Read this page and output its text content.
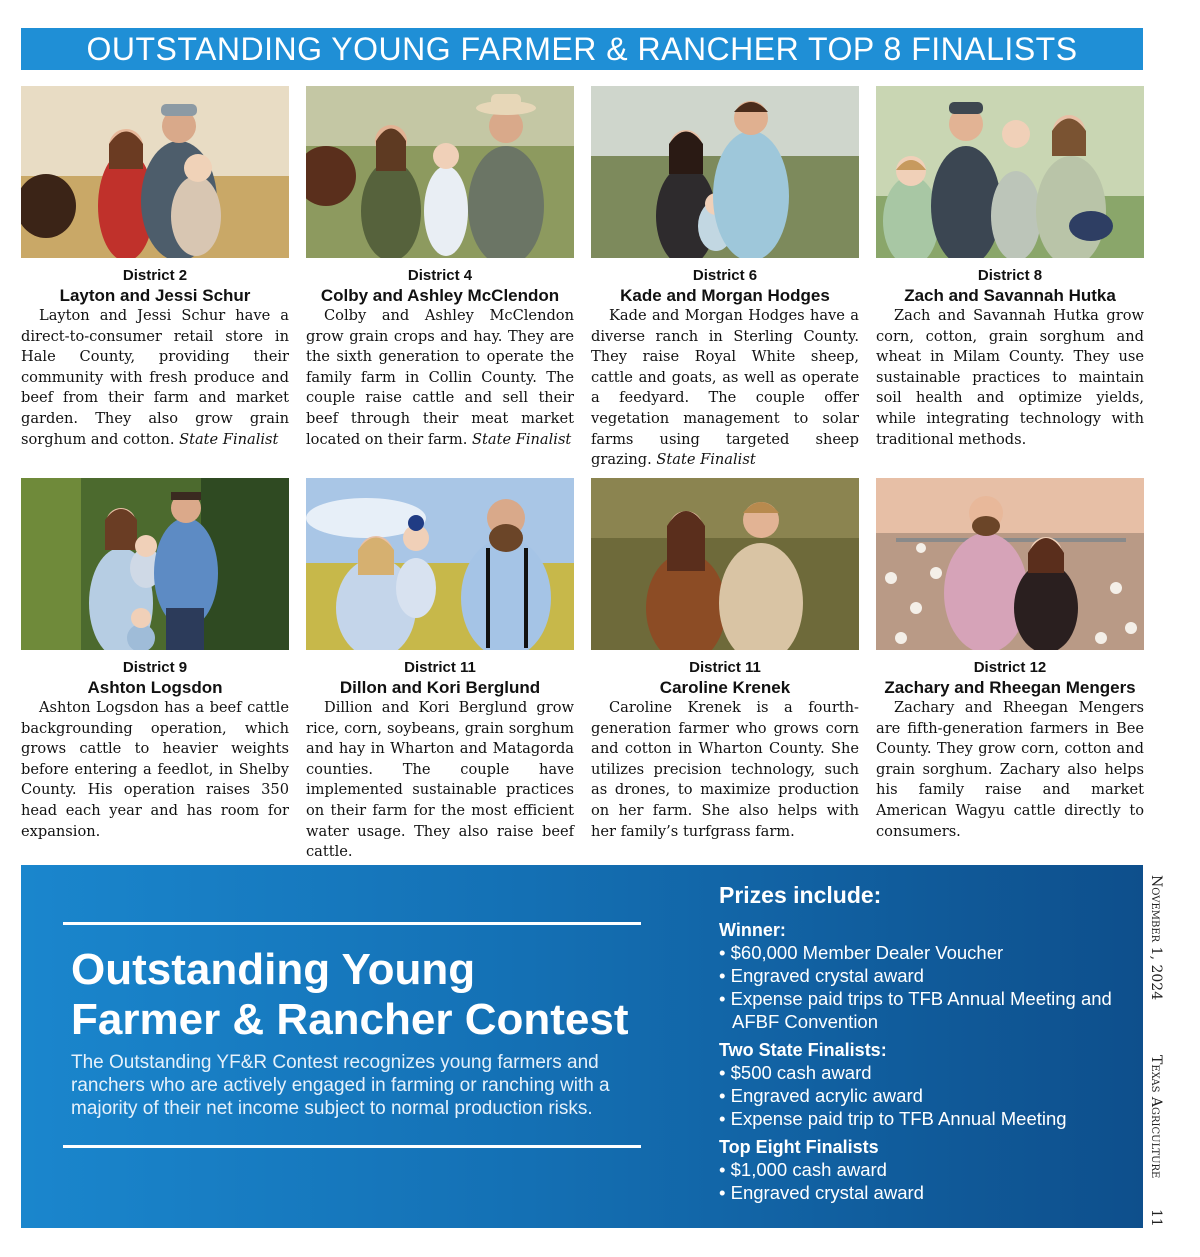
OUTSTANDING YOUNG FARMER & RANCHER TOP 8 FINALISTS
District 2
Layton and Jessi Schur
Layton and Jessi Schur have a direct-to-consumer retail store in Hale County, providing their community with fresh produce and beef from their farm and market garden. They also grow grain sorghum and cotton. State Finalist
District 4
Colby and Ashley McClendon
Colby and Ashley McClendon grow grain crops and hay. They are the sixth generation to operate the family farm in Collin County. The couple raise cattle and sell their beef through their meat market located on their farm. State Finalist
District 6
Kade and Morgan Hodges
Kade and Morgan Hodges have a diverse ranch in Sterling County. They raise Royal White sheep, cattle and goats, as well as operate a feedyard. The couple offer vegetation management to solar farms using targeted sheep grazing. State Finalist
District 8
Zach and Savannah Hutka
Zach and Savannah Hutka grow corn, cotton, grain sorghum and wheat in Milam County. They use sustainable practices to maintain soil health and optimize yields, while integrating technology with traditional methods.
District 9
Ashton Logsdon
Ashton Logsdon has a beef cattle backgrounding operation, which grows cattle to heavier weights before entering a feedlot, in Shelby County. His operation raises 350 head each year and has room for expansion.
District 11
Dillon and Kori Berglund
Dillion and Kori Berglund grow rice, corn, soybeans, grain sorghum and hay in Wharton and Matagorda counties. The couple have implemented sustainable practices on their farm for the most efficient water usage. They also raise beef cattle.
District 11
Caroline Krenek
Caroline Krenek is a fourth-generation farmer who grows corn and cotton in Wharton County. She utilizes precision technology, such as drones, to maximize production on her farm. She also helps with her family’s turfgrass farm.
District 12
Zachary and Rheegan Mengers
Zachary and Rheegan Mengers are fifth-generation farmers in Bee County. They grow corn, cotton and grain sorghum. Zachary also helps his family raise and market American Wagyu cattle directly to consumers.
Outstanding Young
Farmer & Rancher Contest
The Outstanding YF&R Contest recognizes young farmers and ranchers who are actively engaged in farming or ranching with a majority of their net income subject to normal production risks.
Prizes include:
Winner:
• $60,000 Member Dealer Voucher
• Engraved crystal award
• Expense paid trips to TFB Annual Meeting and AFBF Convention
Two State Finalists:
• $500 cash award
• Engraved acrylic award
• Expense paid trip to TFB Annual Meeting
Top Eight Finalists
• $1,000 cash award
• Engraved crystal award
November 1, 2024
Texas Agriculture
11
